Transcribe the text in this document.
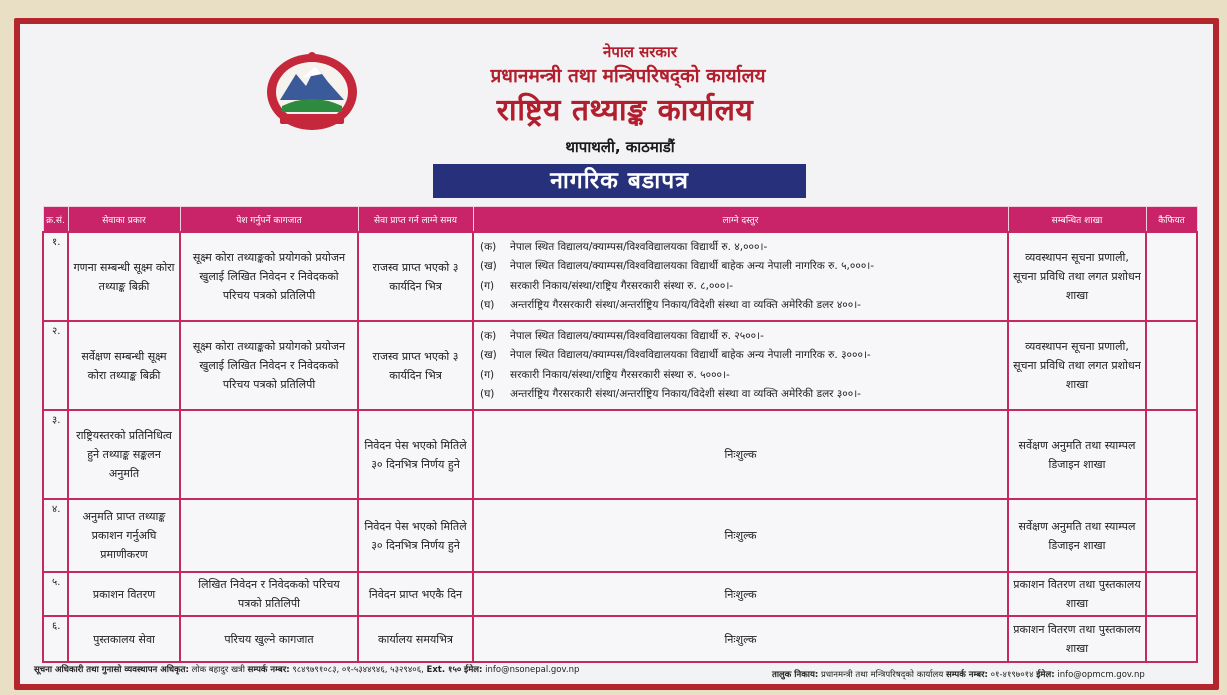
नेपाल सरकार
प्रधानमन्त्री तथा मन्त्रिपरिषद्को कार्यालय
राष्ट्रिय तथ्याङ्क कार्यालय
थापाथली, काठमाडौं
नागरिक बडापत्र
क्र.सं.	सेवाका प्रकार	पेश गर्नुपर्ने कागजात	सेवा प्राप्त गर्न लाग्ने समय	लाग्ने दस्तुर	सम्बन्धित शाखा	कैफियत
१.	गणना सम्बन्धी सूक्ष्म कोरा तथ्याङ्क बिक्री	सूक्ष्म कोरा तथ्याङ्कको प्रयोगको प्रयोजन खुलाई लिखित निवेदन र निवेदकको परिचय पत्रको प्रतिलिपी	राजस्व प्राप्त भएको ३ कार्यदिन भित्र	(क) नेपाल स्थित विद्यालय/क्याम्पस/विश्वविद्यालयका विद्यार्थी रु. ४,०००।-
(ख) नेपाल स्थित विद्यालय/क्याम्पस/विश्वविद्यालयका विद्यार्थी बाहेक अन्य नेपाली नागरिक रु. ५,०००।-
(ग) सरकारी निकाय/संस्था/राष्ट्रिय गैरसरकारी संस्था रु. ८,०००।-
(घ) अन्तर्राष्ट्रिय गैरसरकारी संस्था/अन्तर्राष्ट्रिय निकाय/विदेशी संस्था वा व्यक्ति अमेरिकी डलर ४००।-	व्यवस्थापन सूचना प्रणाली, सूचना प्रविधि तथा लगत प्रशोधन शाखा	
२.	सर्वेक्षण सम्बन्धी सूक्ष्म कोरा तथ्याङ्क बिक्री	सूक्ष्म कोरा तथ्याङ्कको प्रयोगको प्रयोजन खुलाई लिखित निवेदन र निवेदकको परिचय पत्रको प्रतिलिपी	राजस्व प्राप्त भएको ३ कार्यदिन भित्र	(क) नेपाल स्थित विद्यालय/क्याम्पस/विश्वविद्यालयका विद्यार्थी रु. २५००।-
(ख) नेपाल स्थित विद्यालय/क्याम्पस/विश्वविद्यालयका विद्यार्थी बाहेक अन्य नेपाली नागरिक रु. ३०००।-
(ग) सरकारी निकाय/संस्था/राष्ट्रिय गैरसरकारी संस्था रु. ५०००।-
(घ) अन्तर्राष्ट्रिय गैरसरकारी संस्था/अन्तर्राष्ट्रिय निकाय/विदेशी संस्था वा व्यक्ति अमेरिकी डलर ३००।-	व्यवस्थापन सूचना प्रणाली, सूचना प्रविधि तथा लगत प्रशोधन शाखा	
३.	राष्ट्रियस्तरको प्रतिनिधित्व हुने तथ्याङ्क सङ्कलन अनुमति		निवेदन पेस भएको मितिले ३० दिनभित्र निर्णय हुने	निःशुल्क	सर्वेक्षण अनुमति तथा स्याम्पल डिजाइन शाखा	
४.	अनुमति प्राप्त तथ्याङ्क प्रकाशन गर्नुअघि प्रमाणीकरण		निवेदन पेस भएको मितिले ३० दिनभित्र निर्णय हुने	निःशुल्क	सर्वेक्षण अनुमति तथा स्याम्पल डिजाइन शाखा	
५.	प्रकाशन वितरण	लिखित निवेदन र निवेदकको परिचय पत्रको प्रतिलिपी	निवेदन प्राप्त भएकै दिन	निःशुल्क	प्रकाशन वितरण तथा पुस्तकालय शाखा	
६.	पुस्तकालय सेवा	परिचय खुल्ने कागजात	कार्यालय समयभित्र	निःशुल्क	प्रकाशन वितरण तथा पुस्तकालय शाखा	
सूचना अधिकारी तथा गुनासो व्यवस्थापन अधिकृत: लोक बहादुर खत्री सम्पर्क नम्बर: ९८४९७९१०८३, ०१-५३४४९४६, ५३२९४०६, Ext. १५० ईमेल: info@nsonepal.gov.np	तालुक निकाय: प्रधानमन्त्री तथा मन्त्रिपरिषद्को कार्यालय सम्पर्क नम्बर: ०१-४१९७०१४ ईमेल: info@opmcm.gov.np
